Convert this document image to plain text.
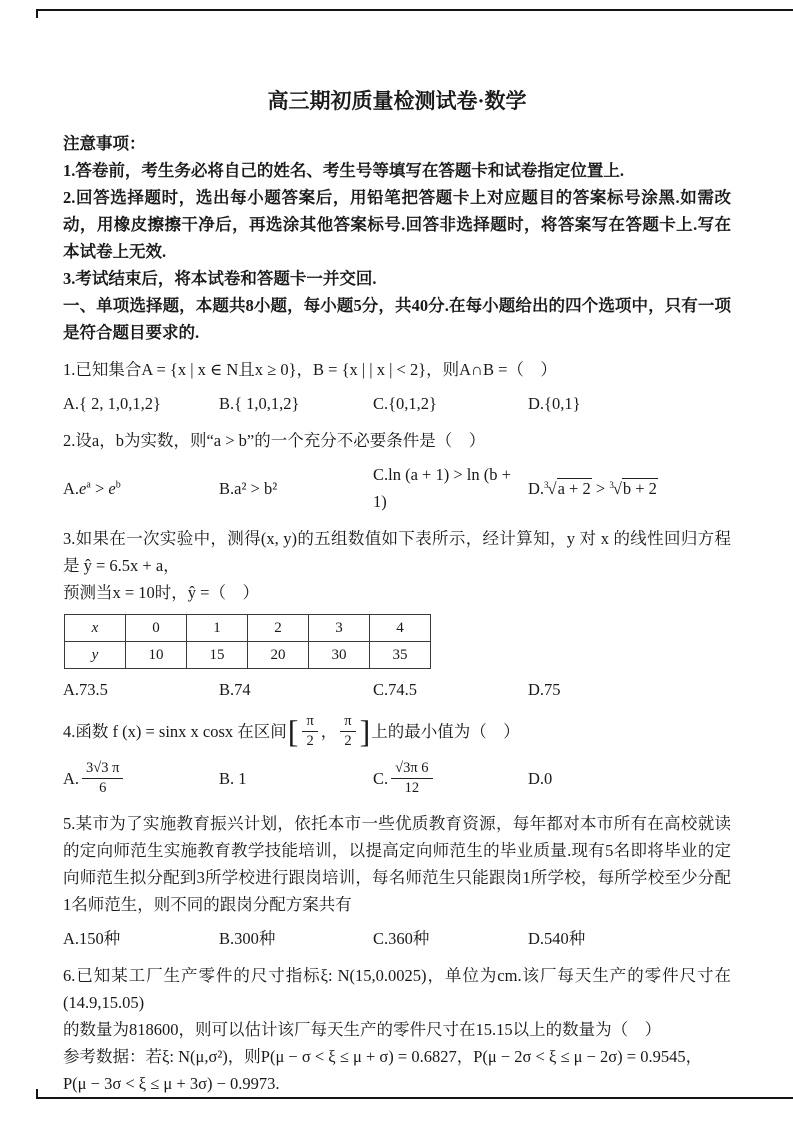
高三期初质量检测试卷·数学

注意事项：

1.答卷前，考生务必将自己的姓名、考生号等填写在答题卡和试卷指定位置上.

2.回答选择题时，选出每小题答案后，用铅笔把答题卡上对应题目的答案标号涂黑.如需改动，用橡皮擦擦干净后，再选涂其他答案标号.回答非选择题时，将答案写在答题卡上.写在本试卷上无效.

3.考试结束后，将本试卷和答题卡一并交回.

一、单项选择题，本题共8小题，每小题5分，共40分.在每小题给出的四个选项中，只有一项是符合题目要求的.

1.已知集合A = {x | x ∈ N且x ≥ 0}，B = {x | | x | < 2}，则A∩B =（　）

A.{ 2, 1,0,1,2}	B.{ 1,0,1,2}	C.{0,1,2}	D.{0,1}

2.设a，b为实数，则“a > b”的一个充分不必要条件是（　）

$A.e^a > e^b$	B.a² > b²
C.ln (a + 1) > ln (b + 1)
D.$^3$√a + 2 > $^3$√b + 2

3.如果在一次实验中，测得(x, y)的五组数值如下表所示，经计算知，y 对 x 的线性回归方程是 ŷ = 6.5x + a，

预测当x = 10时，ŷ =（　）

x	0	1	2	3	4
y	10	15	20	30	35
A.73.5	B.74	C.74.5	D.75
4.函数 f (x) = sinx x cosx 在区间 [ $\frac{\pi}{2}$ ， $\frac{\pi}{2}$ ] 上的最小值为（　）
A. $\frac{3√3 \pi}{6}$	B. 1	C. $\frac{√3\pi 6}{12}$	D.0

5.某市为了实施教育振兴计划，依托本市一些优质教育资源，每年都对本市所有在高校就读的定向师范生实施教育教学技能培训，以提高定向师范生的毕业质量.现有5名即将毕业的定向师范生拟分配到3所学校进行跟岗培训，每名师范生只能跟岗1所学校，每所学校至少分配1名师范生，则不同的跟岗分配方案共有

A.150种	B.300种	C.360种	D.540种

6.已知某工厂生产零件的尺寸指标ξ: N(15,0.0025)，单位为cm.该厂每天生产的零件尺寸在(14.9,15.05)

的数量为818600，则可以估计该厂每天生产的零件尺寸在15.15以上的数量为（　）

参考数据：若ξ: N(μ,σ²)，则P(μ − σ < ξ ≤ μ + σ) = 0.6827，P(μ − 2σ < ξ ≤ μ − 2σ) = 0.9545，

P(μ − 3σ < ξ ≤ μ + 3σ) − 0.9973.
